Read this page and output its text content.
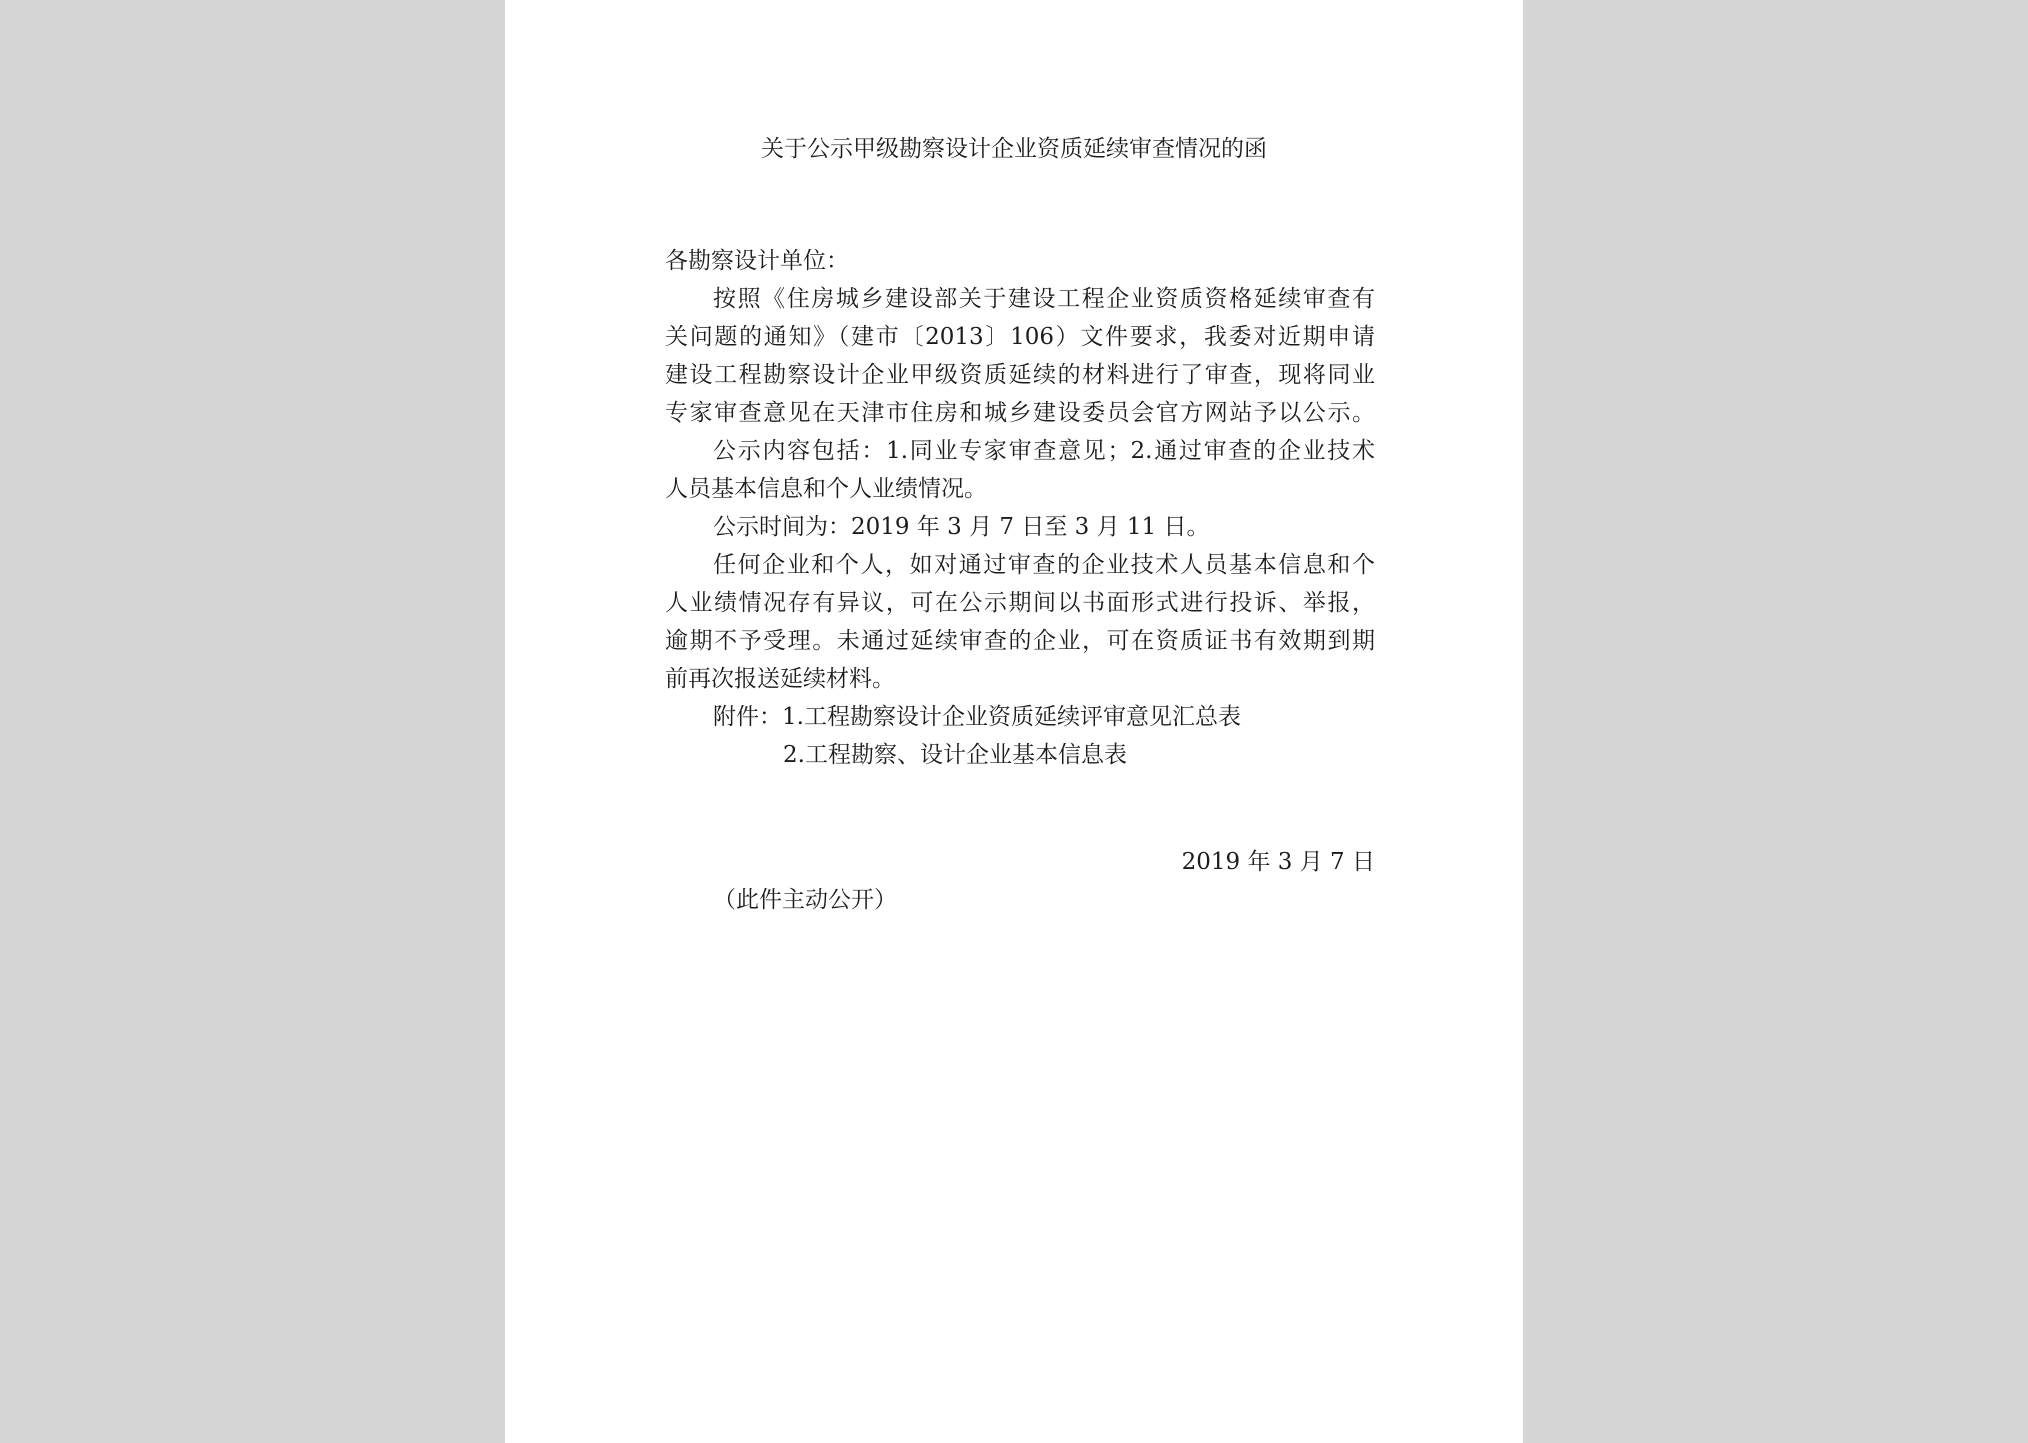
关于公示甲级勘察设计企业资质延续审查情况的函
各勘察设计单位：
按照《住房城乡建设部关于建设工程企业资质资格延续审查有
关问题的通知》（建市〔2013〕106）文件要求，我委对近期申请
建设工程勘察设计企业甲级资质延续的材料进行了审查，现将同业
专家审查意见在天津市住房和城乡建设委员会官方网站予以公示。
公示内容包括：1.同业专家审查意见；2.通过审查的企业技术
人员基本信息和个人业绩情况。
公示时间为：2019 年 3 月 7 日至 3 月 11 日。
任何企业和个人，如对通过审查的企业技术人员基本信息和个
人业绩情况存有异议，可在公示期间以书面形式进行投诉、举报，
逾期不予受理。未通过延续审查的企业，可在资质证书有效期到期
前再次报送延续材料。
附件：1.工程勘察设计企业资质延续评审意见汇总表
2.工程勘察、设计企业基本信息表
2019 年 3 月 7 日
（此件主动公开）
